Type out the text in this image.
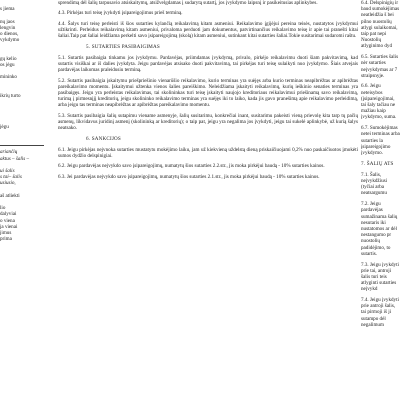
s jiema

nų jaos

lengvin

o dienos,

vykdymo

gų kelio

os jėgu

mininko

ikrių turto

jėgu

ariančių

aktus – šalis –

ui šalis

s tai– šalis

usiusio,

aš atliekti

lio

dalyviai

o viena

ja vienai

jimus

prima

sprendimą dėl šalių tarpusavio atsiskaitymų, atsižvelgdamas į sudarytą sutartį, jos įvykdymo laipsnį ir pasikeitusias aplinkybes.

4.3. Pirkėjas turi teisę įvykdyti įsipareigojimus prieš terminą.

4.4. Šalys turi teisę perleisti iš šios sutarties kylančią reikalavimą kitam asmeniui. Reikalavimo įgijėjui pereina teisės, nustatytos įvykdymui užtikrinti. Perleidus reikalavimą kitam asmeniui, privaloma perduoti jam dokumentus, patvirtinančius reikalavimo teisę ir apie tai pranešti kitai šaliai.Taip pat šaliai leidžiama perkelti savo įsipareigojimą (skolą) kitam asmeniui, sutinkant kitai sutarties šaliai.Tokie susitarimai sudaromi raštu.

5. SUTARTIES PASIBAIGIMAS

5.1. Sutartis pasibaigia tinkamu jos įvykdymu. Pardavėjas, priimdamas įvykdymą, privalo, pirkėjo reikalavimu duoti šiam pakvitavimą, kad sutartis visiškai ar iš dalies įvykdyta. Jeigu pardavėjas atsisako duoti pakvitavimą, tai pirkėjas turi teisę sulaikyti nuo įvykdymo. Šiais atvejais pardavėjas laikomas praleidusiu terminą.

5.2. Sutartis pasibaigia įskaitymu priešpriešinio vienarūšio reikalavimo, kurio terminas yra suėjęs arba kurio terminas neapibrėžtas ar apibrėžtas pareikalavimo momentu. Įskaitymui užtenka vienos šalies pareiškimo. Neleidžiama įskaityti reikalavimų, kurių ieškinio senaties terminas yra pasibaigęs. Jeigu yra perleistas reikalavimas, tai skolininkas turi teisę įskaityti naujojo kreditoriaus reikalavimui priešinamą savo reikalavimą, turimą į pirmesnįjį kreditorių, jeigu skolininko reikalavimo terminas yra suėjęs iki to laiko, kada jis gavo pranešimą apie reikalavimo perleidimą, arba jeigu tas terminas neapibrėžtas ar apibrėžtas pareikalavimo momentu.

5.3. Sutartis pasibaigia šalių sutapimu viename asmenyje, šalių susitarimu, konkrečiai inant, susitarimu pakeisti vieną prievolę kita tarp tų pačių asmenų, likvidavus juridinį asmenį (skolininką ar kreditorių); o taip pat, jeigu yra negalima jos įvykdyti, jeigu tai sukelė aplinkybė, už kurią šalys neatsako.

6. SANKCIJOS

6.1. Jeigu pirkėjas nejvnoka sutarties mustatytu mokėjimo laiku, jam už kiekvieną uždelstą dieną priskaičiuojami 0,2% nuo paskaičiuotos įmokėti sumos dydžio delspinigiai.

6.2. Jeigu pardavėjas nejvykdo savo įsipareigojimų, numatytų šios sutarties 2.2.str., jis moka pirkėjui baudą - 10% sutarties kainos.

6.3. Jei pardavėjas nejvykdo savo įsipareigojimų, numatytų šios sutarties 2.1.str., jis moka pirkėjui baudą - 10% sutarties kainos.

6.4. Delspinigių ir baud sumokėjimas neatleidžia š bei pilno nuostolių atlygi sulaikomai, taip pat nepi Nuostolių atlyginimo dyd

6.5. Sutarties šalis nėr sutarties neįvykdymas ar 7 straipsnyje.

6.6. Jeigu neteisybos (įsipareigojimai, tai šaly tačiau ne mažiau kaip įvykdymo, suma.

6.7. Sumokėjimas netei terminas arba sutarties la įsipareigojimo įvykdymo.

7. ŠALIŲ ATS

7.1. Šalis, neįvykdžiusi (tyčiai arba neatsargumu

7.2. Jeigu pardavėjas sumažinama šalių nesutaris iki nustatomos ar dėl nestangumo pr nuostolių padidėjimo, to sutartis.

7.3. Jeigu įvykdyti prie tai, antroji šalis turi teis atlyginti sutarties neįvykd

7.4. Jeigu įvykdyti prie antroji šalis, tai pirmoji iš ji sutampo dėl negalimum
